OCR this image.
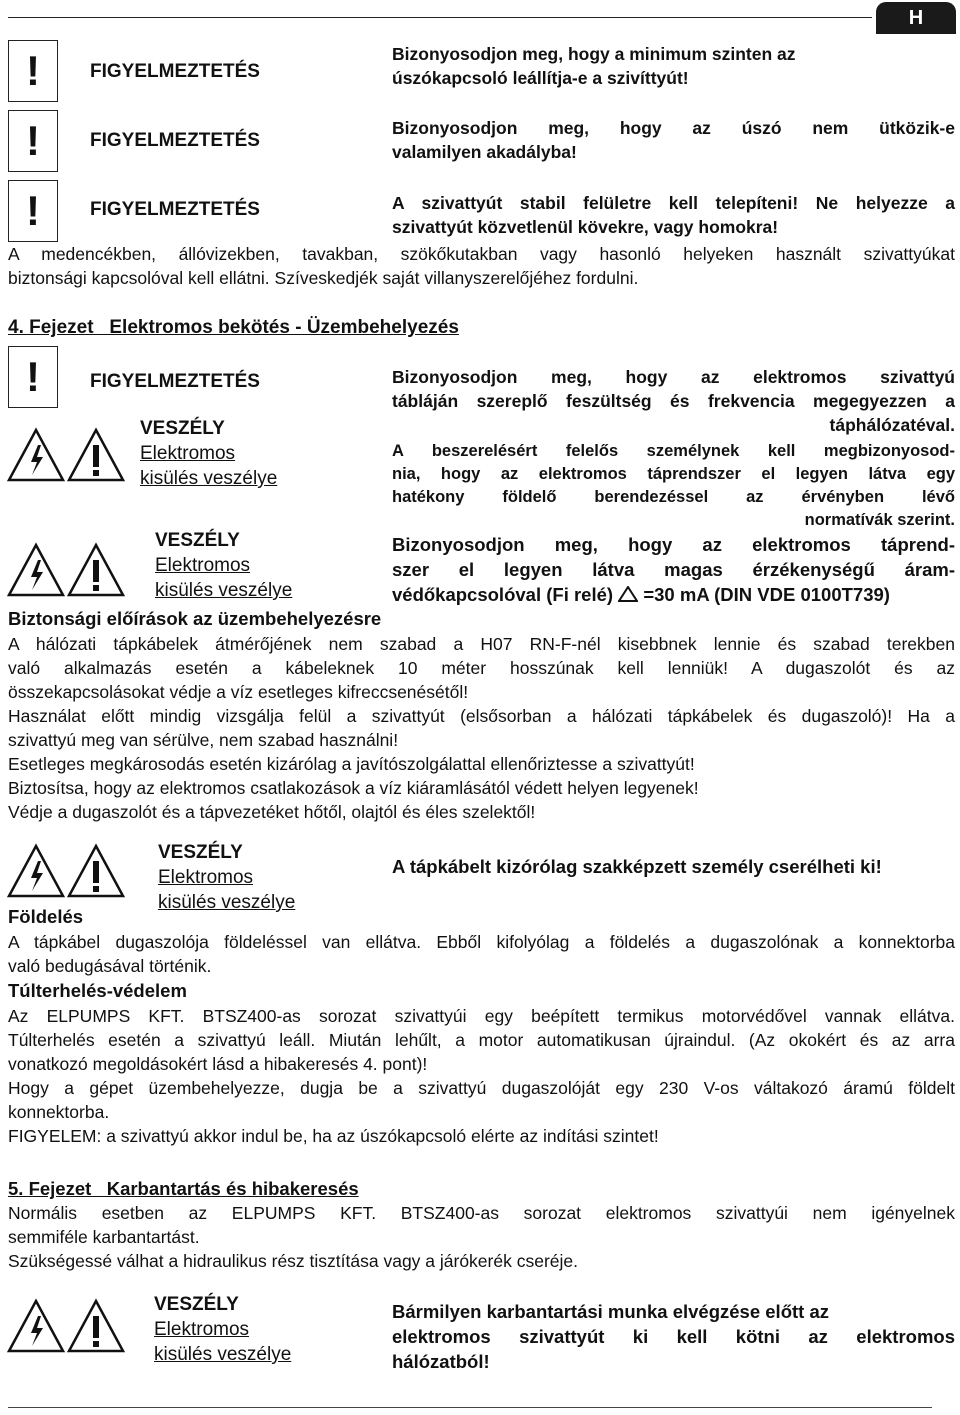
H
!	FIGYELMEZTETÉS
Bizonyosodjon meg, hogy a minimum szinten az
úszókapcsoló leállítja-e a szivíttyút!
!	FIGYELMEZTETÉS
Bizonyosodjon meg, hogy az úszó nem ütközik-e
valamilyen akadályba!
!	FIGYELMEZTETÉS	A szivattyút stabil felületre kell telepíteni! Ne helyezze a
szivattyút közvetlenül kövekre, vagy homokra!
A medencékben, állóvizekben, tavakban, szökőkutakban vagy hasonló helyeken használt szivattyúkat
biztonsági kapcsolóval kell ellátni. Szíveskedjék saját villanyszerelőjéhez fordulni.
4. Fejezet   Elektromos bekötés - Üzembehelyezés
!	FIGYELMEZTETÉS	Bizonyosodjon meg, hogy az elektromos szivattyú
tábláján szereplő feszültség és frekvencia megegyezzen a
táphálózatéval.
VESZÉLY
Elektromos
kisülés veszélye
A beszerelésért felelős személynek kell megbizonyosod-
nia, hogy az elektromos táprendszer el legyen látva egy
hatékony földelő berendezéssel az érvényben lévő
normatívák szerint.
VESZÉLY
Elektromos
kisülés veszélye
Bizonyosodjon meg, hogy az elektromos táprend-
szer el legyen látva magas érzékenységű áram-
védőkapcsolóval (Fi relé) =30 mA (DIN VDE 0100T739)
Biztonsági előírások az üzembehelyezésre
A hálózati tápkábelek átmérőjének nem szabad a H07 RN-F-nél kisebbnek lennie és szabad terekben
való alkalmazás esetén a kábeleknek 10 méter hosszúnak kell lenniük! A dugaszolót és az
összekapcsolásokat védje a víz esetleges kifreccsenésétől!
Használat előtt mindig vizsgálja felül a szivattyút (elsősorban a hálózati tápkábelek és dugaszoló)! Ha a
szivattyú meg van sérülve, nem szabad használni!
Esetleges megkárosodás esetén kizárólag a javítószolgálattal ellenőriztesse a szivattyút!
Biztosítsa, hogy az elektromos csatlakozások a víz kiáramlásától védett helyen legyenek!
Védje a dugaszolót és a tápvezetéket hőtől, olajtól és éles szelektől!
VESZÉLY
Elektromos
kisülés veszélye
A tápkábelt kizórólag szakképzett személy cserélheti ki!
Földelés
A tápkábel dugaszolója földeléssel van ellátva. Ebből kifolyólag a földelés a dugaszolónak a konnektorba
való bedugásával történik.
Túlterhelés-védelem
Az ELPUMPS KFT. BTSZ400-as sorozat szivattyúi egy beépített termikus motorvédővel vannak ellátva.
Túlterhelés esetén a szivattyú leáll. Miután lehűlt, a motor automatikusan újraindul. (Az okokért és az arra
vonatkozó megoldásokért lásd a hibakeresés 4. pont)!
Hogy a gépet üzembehelyezze, dugja be a szivattyú dugaszolóját egy 230 V-os váltakozó áramú földelt
konnektorba.
FIGYELEM: a szivattyú akkor indul be, ha az úszókapcsoló elérte az indítási szintet!
5. Fejezet   Karbantartás és hibakeresés
Normális esetben az ELPUMPS KFT. BTSZ400-as sorozat elektromos szivattyúi nem igényelnek
semmiféle karbantartást.
Szükségessé válhat a hidraulikus rész tisztítása vagy a járókerék cseréje.
VESZÉLY
Elektromos
kisülés veszélye
Bármilyen karbantartási munka elvégzése előtt az
elektromos szivattyút ki kell kötni az elektromos
hálózatból!
